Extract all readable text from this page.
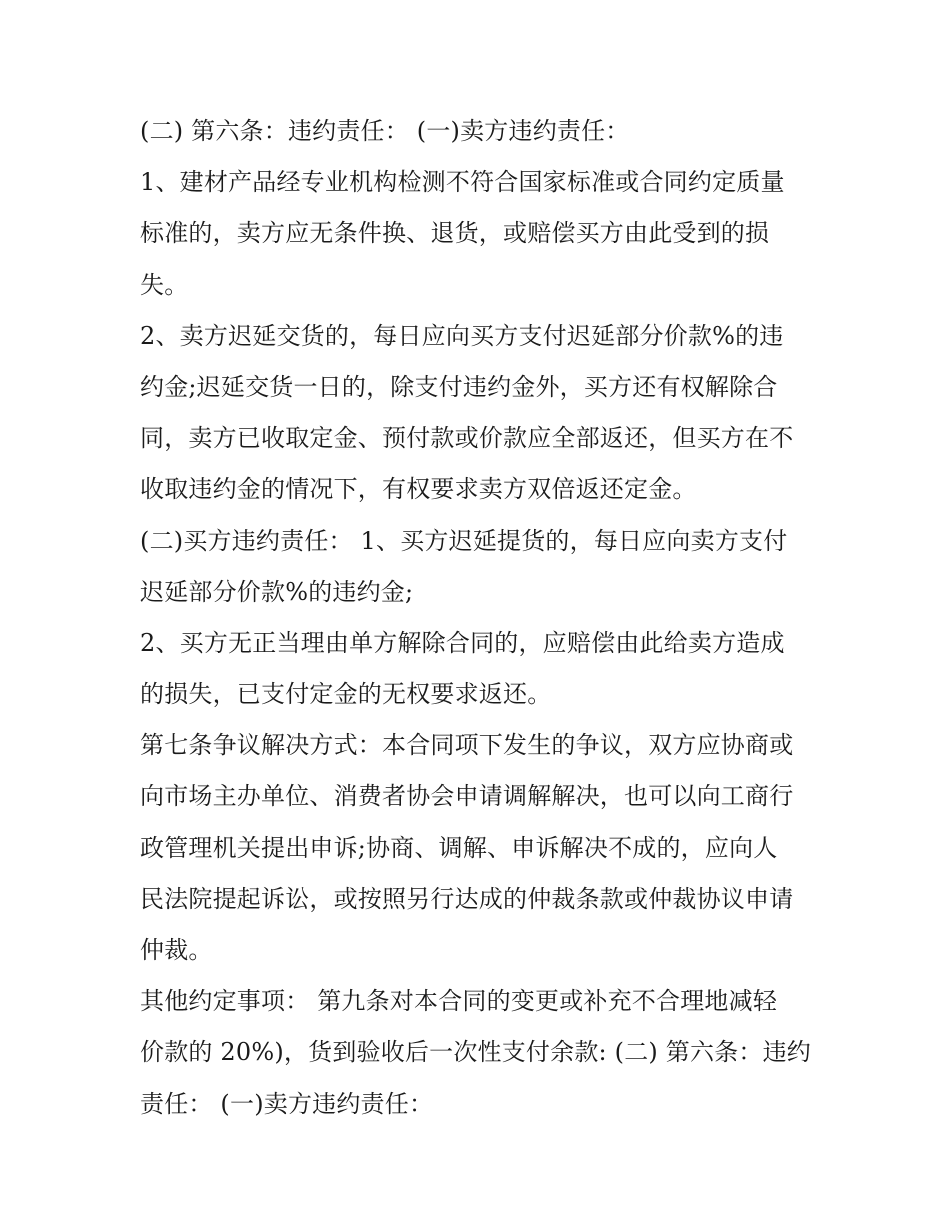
(二) 第六条：违约责任： (一)卖方违约责任：
1、建材产品经专业机构检测不符合国家标准或合同约定质量
标准的，卖方应无条件换、退货，或赔偿买方由此受到的损
失。
2、卖方迟延交货的，每日应向买方支付迟延部分价款%的违
约金;迟延交货一日的，除支付违约金外，买方还有权解除合
同，卖方已收取定金、预付款或价款应全部返还，但买方在不
收取违约金的情况下，有权要求卖方双倍返还定金。
(二)买方违约责任： 1、买方迟延提货的，每日应向卖方支付
迟延部分价款%的违约金;
2、买方无正当理由单方解除合同的，应赔偿由此给卖方造成
的损失，已支付定金的无权要求返还。
第七条争议解决方式：本合同项下发生的争议，双方应协商或
向市场主办单位、消费者协会申请调解解决，也可以向工商行
政管理机关提出申诉;协商、调解、申诉解决不成的，应向人
民法院提起诉讼，或按照另行达成的仲裁条款或仲裁协议申请
仲裁。
其他约定事项： 第九条对本合同的变更或补充不合理地减轻
价款的 20%)，货到验收后一次性支付余款: (二) 第六条：违约
责任： (一)卖方违约责任：
